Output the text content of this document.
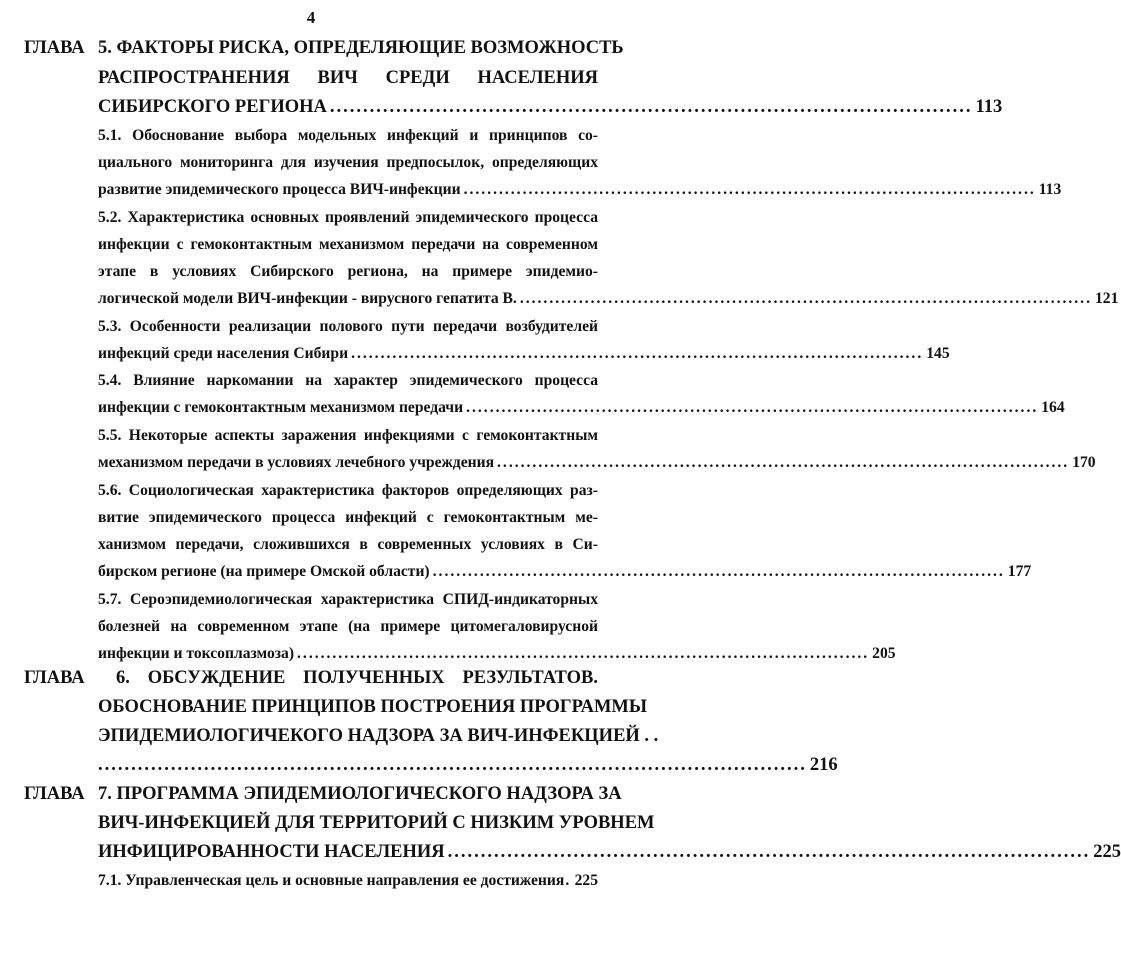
4
ГЛАВА 5. ФАКТОРЫ РИСКА, ОПРЕДЕЛЯЮЩИЕ ВОЗМОЖНОСТЬ
РАСПРОСТРАНЕНИЯ ВИЧ СРЕДИ НАСЕЛЕНИЯ
СИБИРСКОГО РЕГИОНА ................................................................................................. 113
5.1. Обоснование выбора модельных инфекций и принципов со-
циального мониторинга для изучения предпосылок, определяющих
развитие эпидемического процесса ВИЧ-инфекции ................................................................................................. 113
5.2. Характеристика основных проявлений эпидемического процесса
инфекции с гемоконтактным механизмом передачи на современном
этапе в условиях Сибирского региона, на примере эпидемио-
логической модели ВИЧ-инфекции - вирусного гепатита В. ................................................................................................. 121
5.3. Особенности реализации полового пути передачи возбудителей
инфекций среди населения Сибири ................................................................................................. 145
5.4. Влияние наркомании на характер эпидемического процесса
инфекции с гемоконтактным механизмом передачи ................................................................................................. 164
5.5. Некоторые аспекты заражения инфекциями с гемоконтактным
механизмом передачи в условиях лечебного учреждения ................................................................................................. 170
5.6. Социологическая характеристика факторов определяющих раз-
витие эпидемического процесса инфекций с гемоконтактным ме-
ханизмом передачи, сложившихся в современных условиях в Си-
бирском регионе (на примере Омской области) ................................................................................................. 177
5.7. Сероэпидемиологическая характеристика СПИД-индикаторных
болезней на современном этапе (на примере цитомегаловирусной
инфекции и токсоплазмоза) ................................................................................................. 205
ГЛАВА 6. ОБСУЖДЕНИЕ ПОЛУЧЕННЫХ РЕЗУЛЬТАТОВ.
ОБОСНОВАНИЕ ПРИНЦИПОВ ПОСТРОЕНИЯ ПРОГРАММЫ
ЭПИДЕМИОЛОГИЧЕКОГО НАДЗОРА ЗА ВИЧ-ИНФЕКЦИЕЙ . .
........................................................................................................... 216
ГЛАВА 7. ПРОГРАММА ЭПИДЕМИОЛОГИЧЕСКОГО НАДЗОРА ЗА
ВИЧ-ИНФЕКЦИЕЙ ДЛЯ ТЕРРИТОРИЙ С НИЗКИМ УРОВНЕМ
ИНФИЦИРОВАННОСТИ НАСЕЛЕНИЯ ................................................................................................. 225
7.1. Управленческая цель и основные направления ее достижения . 225
